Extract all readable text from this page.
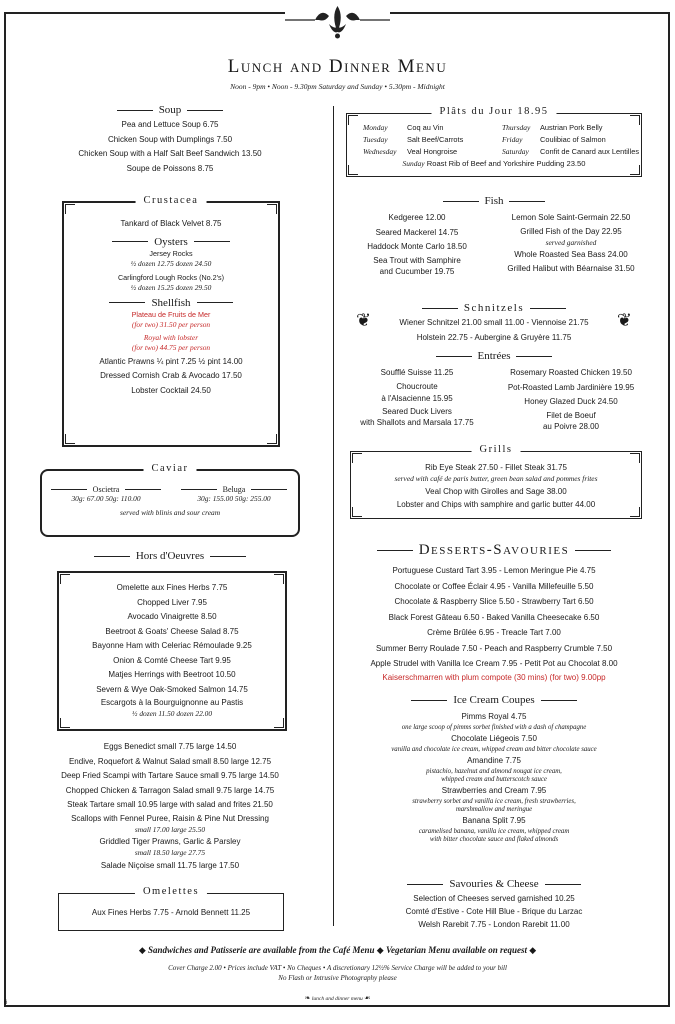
Lunch and Dinner Menu
Noon - 9pm • Noon - 9.30pm Saturday and Sunday • 5.30pm - Midnight
Soup
Pea and Lettuce Soup 6.75
Chicken Soup with Dumplings 7.50
Chicken Soup with a Half Salt Beef Sandwich 13.50
Soupe de Poissons 8.75
Crustacea
Tankard of Black Velvet 8.75
Oysters
Jersey Rocks
½ dozen 12.75 dozen 24.50
Carlingford Lough Rocks (No.2's)
½ dozen 15.25 dozen 29.50
Shellfish
Plateau de Fruits de Mer
(for two) 31.50 per person
Royal with lobster
(for two) 44.75 per person
Atlantic Prawns ¼ pint 7.25 ½ pint 14.00
Dressed Cornish Crab & Avocado 17.50
Lobster Cocktail 24.50
Caviar
Oscietra
30g: 67.00 50g: 110.00
Beluga
30g: 155.00 50g: 255.00
served with blinis and sour cream
Hors d'Oeuvres
Omelette aux Fines Herbs 7.75
Chopped Liver 7.95
Avocado Vinaigrette 8.50
Beetroot & Goats' Cheese Salad 8.75
Bayonne Ham with Celeriac Rémoulade 9.25
Onion & Comté Cheese Tart 9.95
Matjes Herrings with Beetroot 10.50
Severn & Wye Oak-Smoked Salmon 14.75
Escargots à la Bourguignonne au Pastis
½ dozen 11.50 dozen 22.00
Eggs Benedict small 7.75 large 14.50
Endive, Roquefort & Walnut Salad small 8.50 large 12.75
Deep Fried Scampi with Tartare Sauce small 9.75 large 14.50
Chopped Chicken & Tarragon Salad small 9.75 large 14.75
Steak Tartare small 10.95 large with salad and frites 21.50
Scallops with Fennel Puree, Raisin & Pine Nut Dressing
small 17.00 large 25.50
Griddled Tiger Prawns, Garlic & Parsley
small 18.50 large 27.75
Salade Niçoise small 11.75 large 17.50
Omelettes
Aux Fines Herbs 7.75 - Arnold Bennett 11.25
Plâts du Jour 18.95
Monday	Coq au Vin
Tuesday	Salt Beef/Carrots
Wednesday Veal Hongroise
Thursday Austrian Pork Belly
Friday Coulibiac of Salmon
Saturday Confit de Canard aux Lentilles
Sunday Roast Rib of Beef and Yorkshire Pudding 23.50
Fish
Kedgeree 12.00
Seared Mackerel 14.75
Haddock Monte Carlo 18.50
Sea Trout with Samphire
and Cucumber 19.75
Lemon Sole Saint-Germain 22.50
Grilled Fish of the Day 22.95
served garnished
Whole Roasted Sea Bass 24.00
Grilled Halibut with Béarnaise 31.50
❦	❦
Schnitzels
Wiener Schnitzel 21.00 small 11.00 - Viennoise 21.75
Holstein 22.75 - Aubergine & Gruyère 11.75
Entrées
Soufflé Suisse 11.25
Choucroute
à l'Alsacienne 15.95
Seared Duck Livers
with Shallots and Marsala 17.75
Rosemary Roasted Chicken 19.50
Pot-Roasted Lamb Jardinière 19.95
Honey Glazed Duck 24.50
Filet de Boeuf
au Poivre 28.00
Grills
Rib Eye Steak 27.50 - Fillet Steak 31.75
served with café de paris butter, green bean salad and pommes frites
Veal Chop with Girolles and Sage 38.00
Lobster and Chips with samphire and garlic butter 44.00
Desserts-Savouries
Portuguese Custard Tart 3.95 - Lemon Meringue Pie 4.75
Chocolate or Coffee Éclair 4.95 - Vanilla Millefeuille 5.50
Chocolate & Raspberry Slice 5.50 - Strawberry Tart 6.50
Black Forest Gâteau 6.50 - Baked Vanilla Cheesecake 6.50
Crème Brûlée 6.95 - Treacle Tart 7.00
Summer Berry Roulade 7.50 - Peach and Raspberry Crumble 7.50
Apple Strudel with Vanilla Ice Cream 7.95 - Petit Pot au Chocolat 8.00
Kaiserschmarren with plum compote (30 mins) (for two) 9.00pp
Ice Cream Coupes
Pimms Royal 4.75
one large scoop of pimms sorbet finished with a dash of champagne
Chocolate Liégeois 7.50
vanilla and chocolate ice cream, whipped cream and bitter chocolate sauce
Amandine 7.75
pistachio, hazelnut and almond nougat ice cream,
whipped cream and butterscotch sauce
Strawberries and Cream 7.95
strawberry sorbet and vanilla ice cream, fresh strawberries,
marshmallow and meringue
Banana Split 7.95
caramelised banana, vanilla ice cream, whipped cream
with bitter chocolate sauce and flaked almonds
Savouries & Cheese
Selection of Cheeses served garnished 10.25
Comté d'Estive - Cote Hill Blue - Brique du Larzac
Welsh Rarebit 7.75 - London Rarebit 11.00
◆ Sandwiches and Patisserie are available from the Café Menu ◆ Vegetarian Menu available on request ◆
Cover Charge 2.00 • Prices include VAT • No Cheques • A discretionary 12½% Service Charge will be added to your bill
No Flash or Intrusive Photography please
❧ lunch and dinner menu ☙
6
